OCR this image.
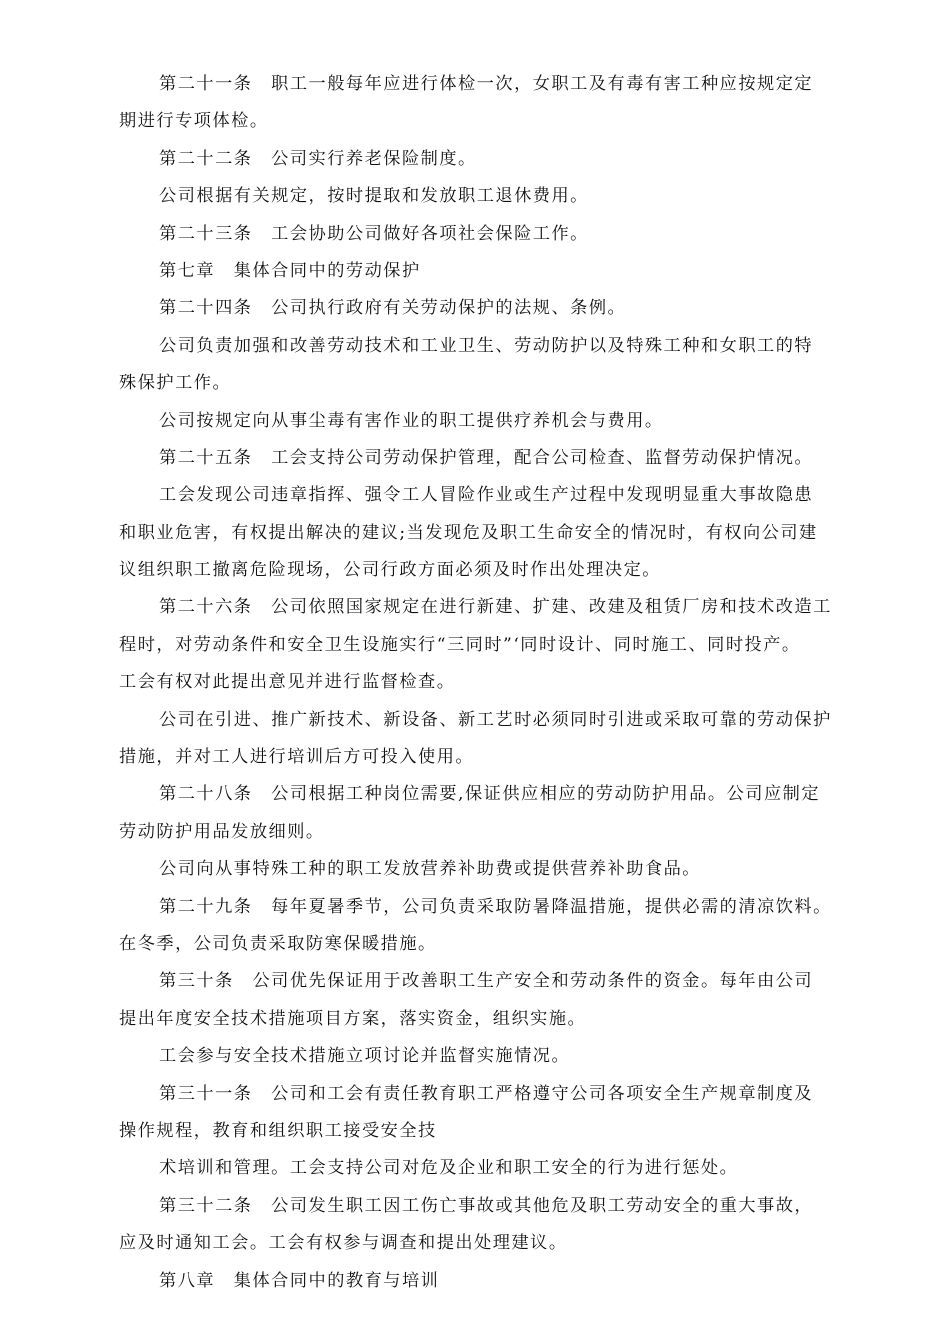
第二十一条　职工一般每年应进行体检一次，女职工及有毒有害工种应按规定定

期进行专项体检。

第二十二条　公司实行养老保险制度。

公司根据有关规定，按时提取和发放职工退休费用。

第二十三条　工会协助公司做好各项社会保险工作。

第七章　集体合同中的劳动保护

第二十四条　公司执行政府有关劳动保护的法规、条例。

公司负责加强和改善劳动技术和工业卫生、劳动防护以及特殊工种和女职工的特

殊保护工作。

公司按规定向从事尘毒有害作业的职工提供疗养机会与费用。

第二十五条　工会支持公司劳动保护管理，配合公司检查、监督劳动保护情况。

工会发现公司违章指挥、强令工人冒险作业或生产过程中发现明显重大事故隐患

和职业危害，有权提出解决的建议;当发现危及职工生命安全的情况时，有权向公司建

议组织职工撤离危险现场，公司行政方面必须及时作出处理决定。

第二十六条　公司依照国家规定在进行新建、扩建、改建及租赁厂房和技术改造工

程时，对劳动条件和安全卫生设施实行“三同时”‘同时设计、同时施工、同时投产。

工会有权对此提出意见并进行监督检查。

公司在引进、推广新技术、新设备、新工艺时必须同时引进或采取可靠的劳动保护

措施，并对工人进行培训后方可投入使用。

第二十八条　公司根据工种岗位需要,保证供应相应的劳动防护用品。公司应制定

劳动防护用品发放细则。

公司向从事特殊工种的职工发放营养补助费或提供营养补助食品。

第二十九条　每年夏暑季节，公司负责采取防暑降温措施，提供必需的清凉饮料。

在冬季，公司负责采取防寒保暖措施。

第三十条　公司优先保证用于改善职工生产安全和劳动条件的资金。每年由公司

提出年度安全技术措施项目方案，落实资金，组织实施。

工会参与安全技术措施立项讨论并监督实施情况。

第三十一条　公司和工会有责任教育职工严格遵守公司各项安全生产规章制度及

操作规程，教育和组织职工接受安全技

术培训和管理。工会支持公司对危及企业和职工安全的行为进行惩处。

第三十二条　公司发生职工因工伤亡事故或其他危及职工劳动安全的重大事故，

应及时通知工会。工会有权参与调查和提出处理建议。

第八章　集体合同中的教育与培训
